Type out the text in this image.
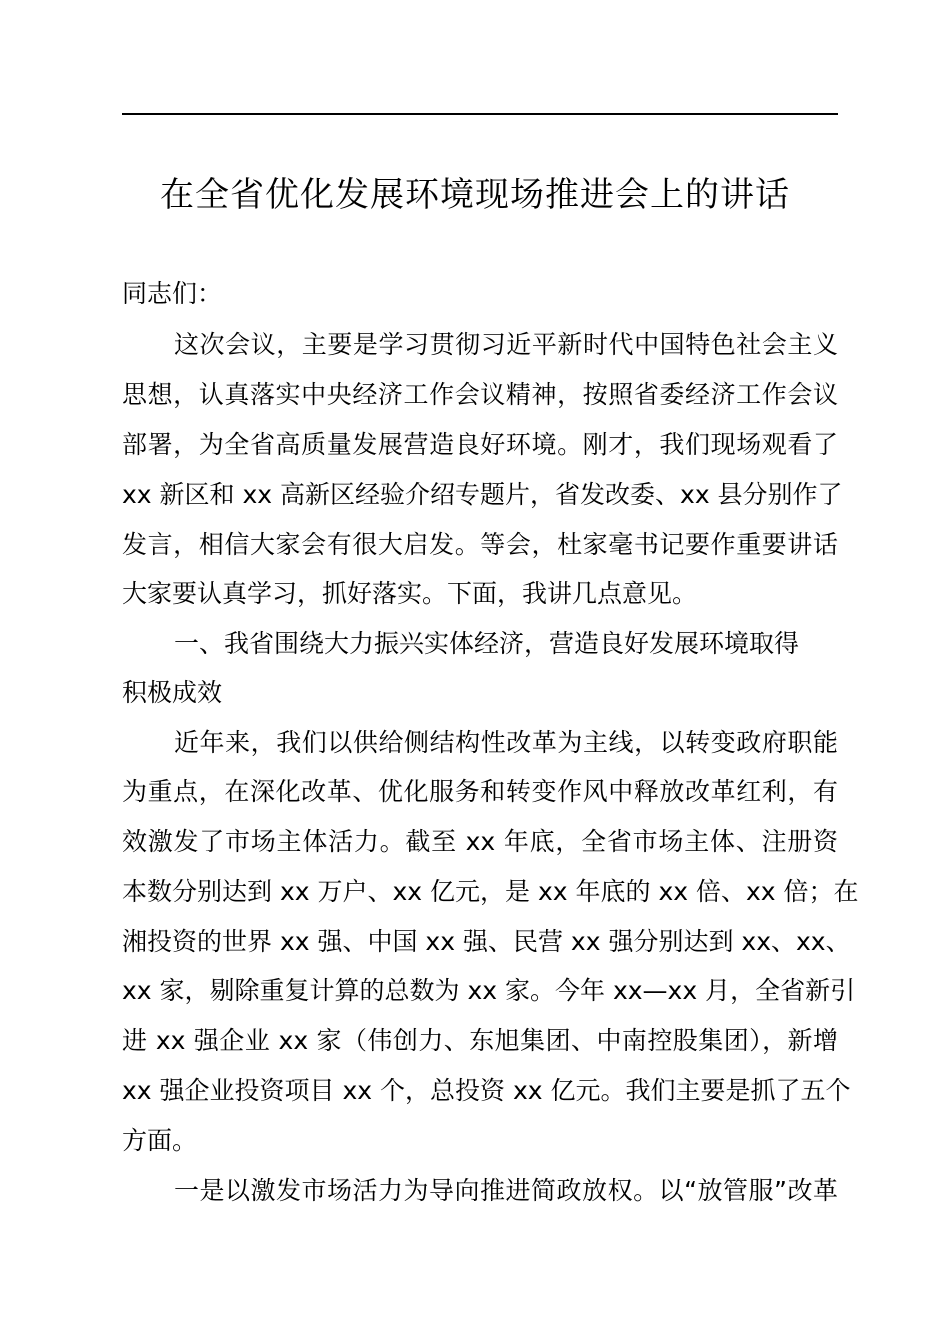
在全省优化发展环境现场推进会上的讲话
同志们：
这次会议，主要是学习贯彻习近平新时代中国特色社会主义
思想，认真落实中央经济工作会议精神，按照省委经济工作会议
部署，为全省高质量发展营造良好环境。刚才，我们现场观看了
xx 新区和 xx 高新区经验介绍专题片，省发改委、xx 县分别作了
发言，相信大家会有很大启发。等会，杜家毫书记要作重要讲话
大家要认真学习，抓好落实。下面，我讲几点意见。
一、我省围绕大力振兴实体经济，营造良好发展环境取得
积极成效
近年来，我们以供给侧结构性改革为主线，以转变政府职能
为重点，在深化改革、优化服务和转变作风中释放改革红利，有
效激发了市场主体活力。截至 xx 年底，全省市场主体、注册资
本数分别达到 xx 万户、xx 亿元，是 xx 年底的 xx 倍、xx 倍；在
湘投资的世界 xx 强、中国 xx 强、民营 xx 强分别达到 xx、xx、
xx 家，剔除重复计算的总数为 xx 家。今年 xx—xx 月，全省新引
进 xx 强企业 xx 家（伟创力、东旭集团、中南控股集团），新增
xx 强企业投资项目 xx 个，总投资 xx 亿元。我们主要是抓了五个
方面。
一是以激发市场活力为导向推进简政放权。以“放管服”改革
